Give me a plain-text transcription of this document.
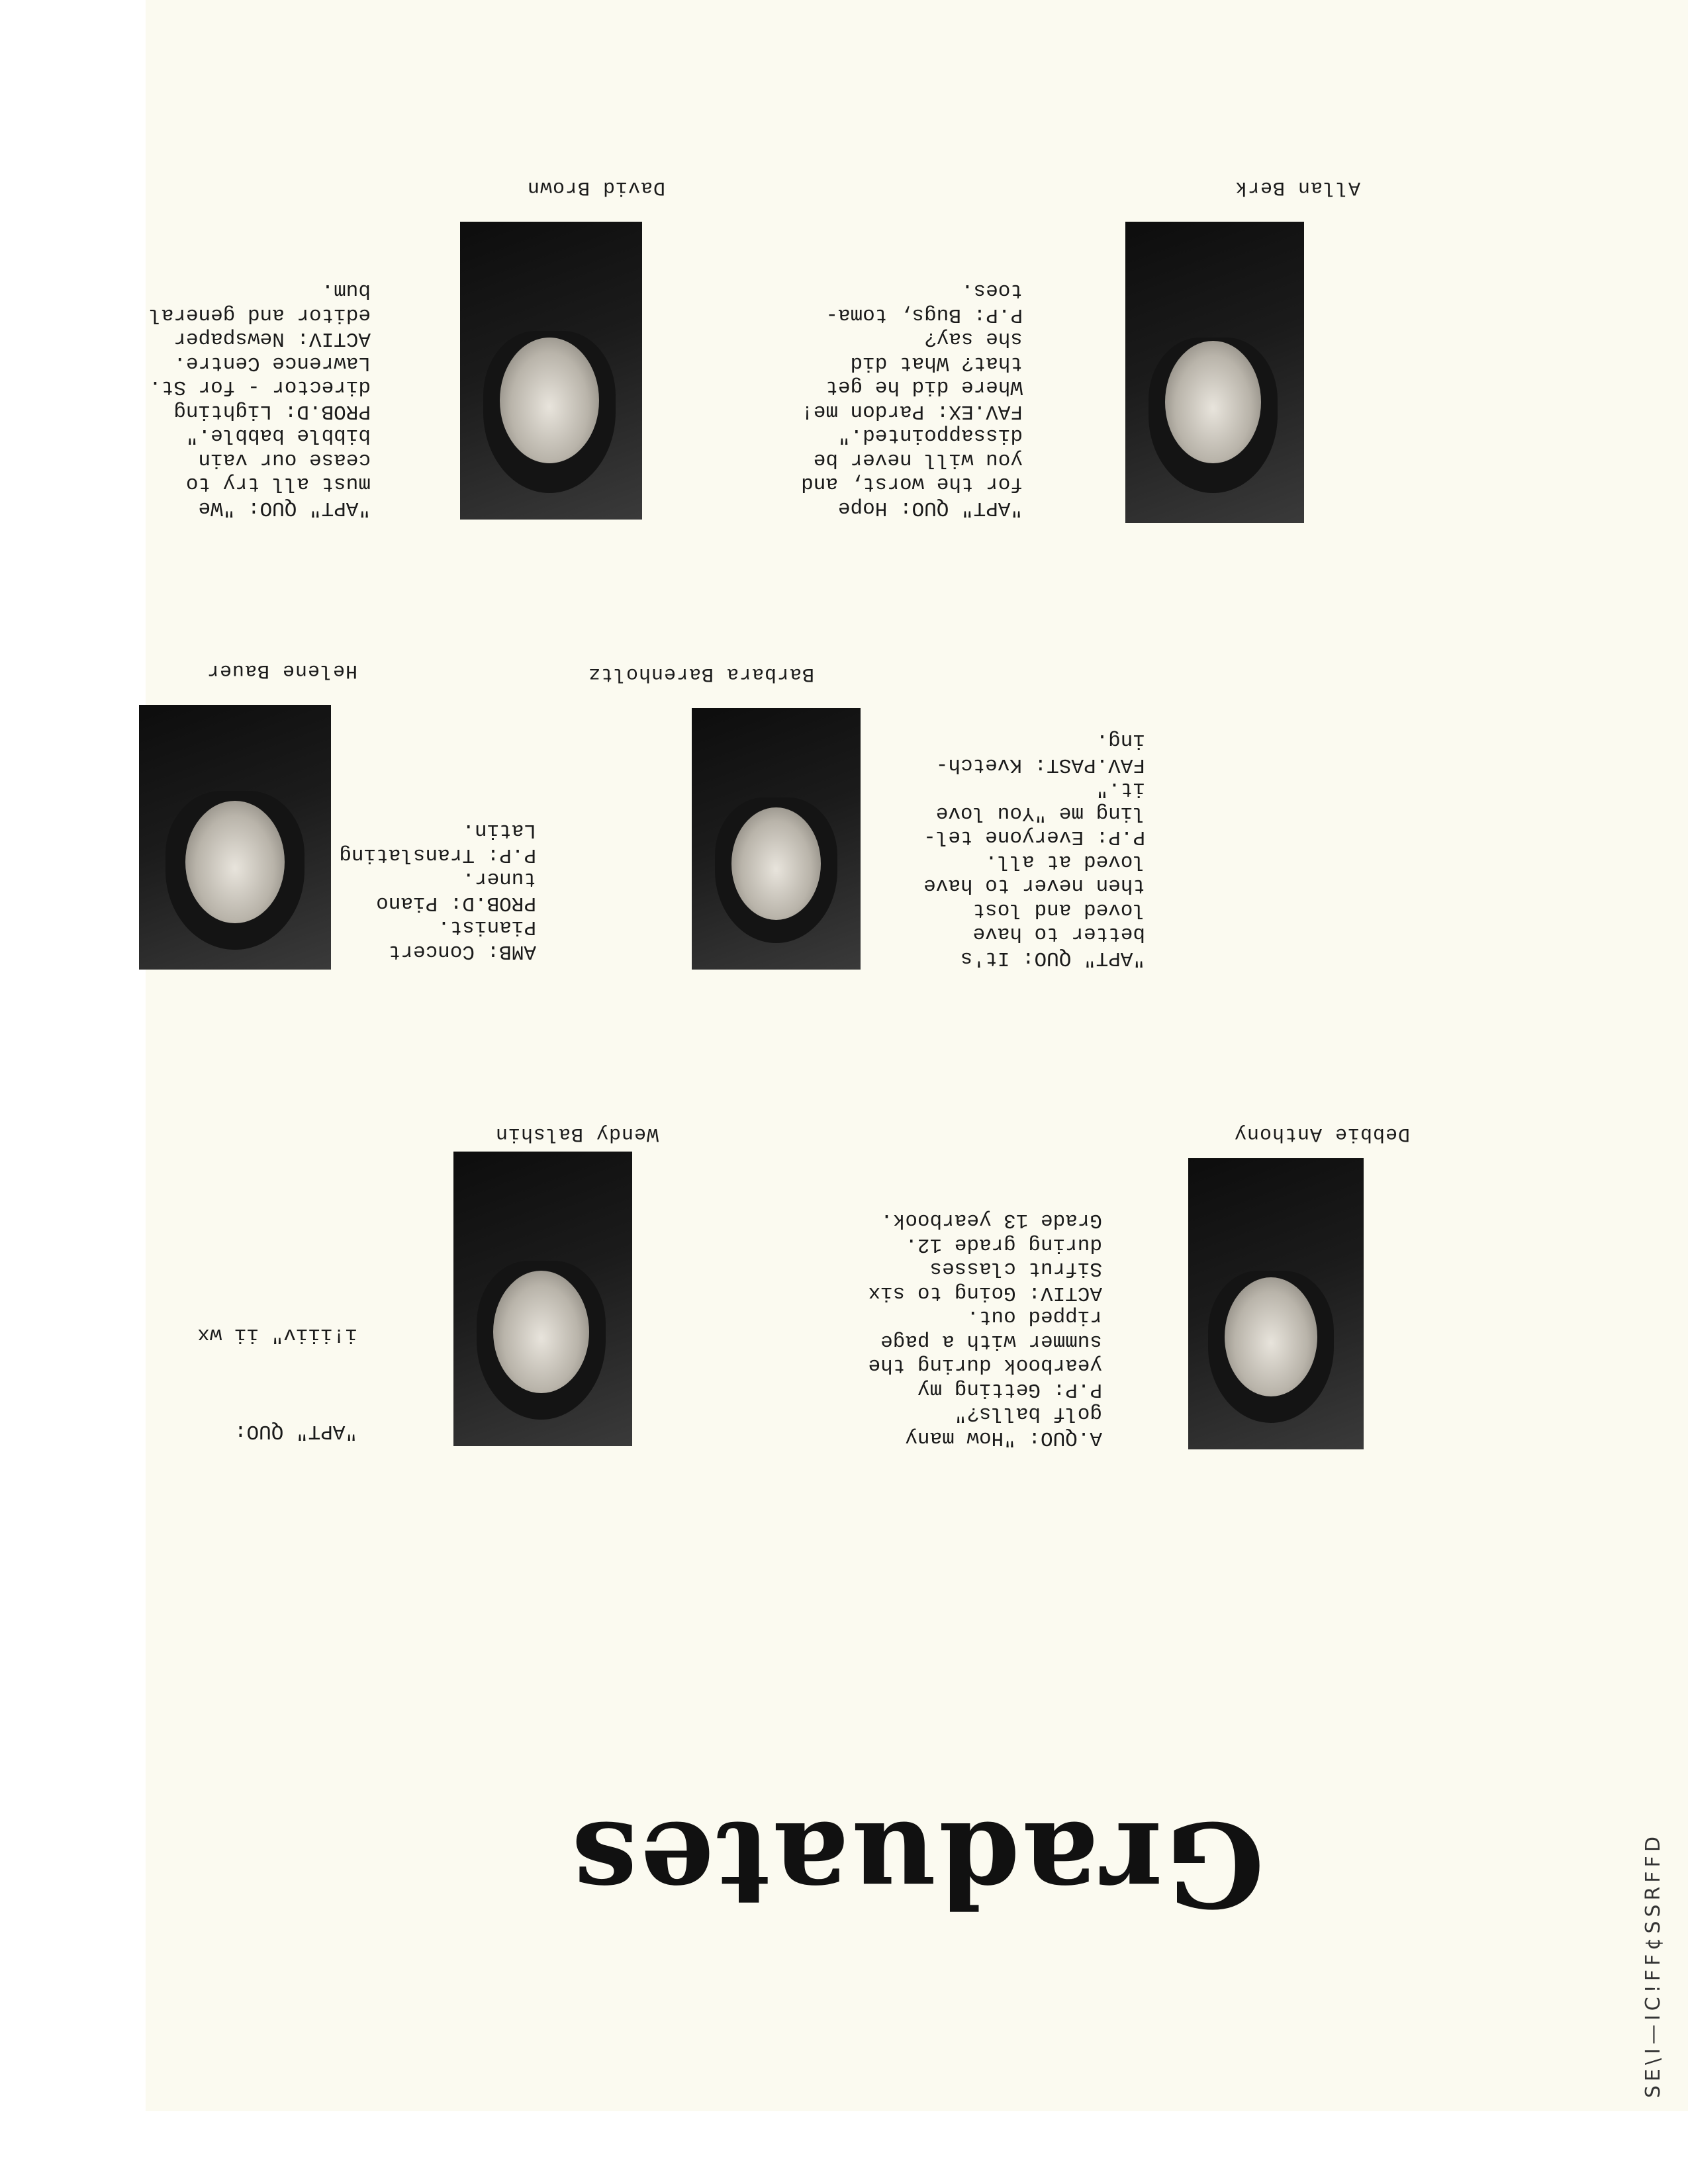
Debbie Anthony

A.QUO: "How many
golf balls?"
P.P: Getting my
yearbook during the
summer with a page
ripped out.
ACTIV: Going to six
Sifrut classes
during grade 12.
Grade 13 yearbook.

Wendy Balshin

"APT" QUO:

i!iiiv" ii wx

Barbara Barenholtz

"APT" QUO: It's
better to have
loved and lost
then never to have
loved at all.
P.P: Everyone tel-
ling me "You love
it."
FAV.PAST: Kvetch-
ing.

Helene Bauer

AMB: Concert
Pianist.
PROB.D: Piano
tuner.
P.P: Translating
Latin.

Allan Berk

"APT" QUO: Hope
for the worst, and
you will never be
dissappointed."
FAV.EX: Pardon me!
Where did he get
that? What did
she say?
P.P: Bugs, toma-
toes.

David Brown

"APT" QUO: "We
must all try to
cease our vain
bibble babble."
PROB.D: Lighting
director - for St.
Lawrence Centre.
ACTIV: Newspaper
editor and general
bum.

Graduates	SE\I—IC!FF¢SSRFFD
